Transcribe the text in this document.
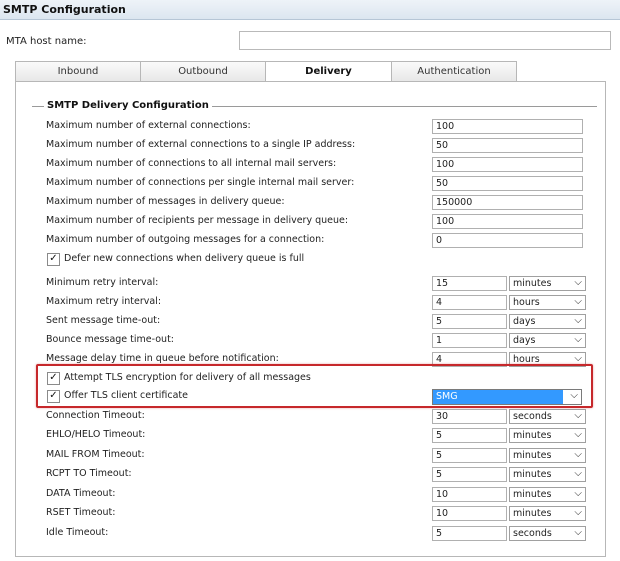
SMTP Configuration
MTA host name:
Inbound	Outbound	Delivery	Authentication
SMTP Delivery Configuration
Maximum number of external connections:	100
Maximum number of external connections to a single IP address:	50
Maximum number of connections to all internal mail servers:	100
Maximum number of connections per single internal mail server:	50
Maximum number of messages in delivery queue:	150000
Maximum number of recipients per message in delivery queue:	100
Maximum number of outgoing messages for a connection:	0
✓ Defer new connections when delivery queue is full
Minimum retry interval:	15	minutes ⌵
Maximum retry interval:	4	hours	⌵
Sent message time-out:	5	days	⌵
Bounce message time-out:	1	days	⌵
Message delay time in queue before notification:	4	hours	⌵
✓ Attempt TLS encryption for delivery of all messages
✓ Offer TLS client certificate	SMG	⌵
Connection Timeout:	30	seconds ⌵
EHLO/HELO Timeout:	5	minutes ⌵
MAIL FROM Timeout:	5	minutes ⌵
RCPT TO Timeout:	5	minutes ⌵
DATA Timeout:	10	minutes ⌵
RSET Timeout:	10	minutes ⌵
Idle Timeout:	5	seconds ⌵
